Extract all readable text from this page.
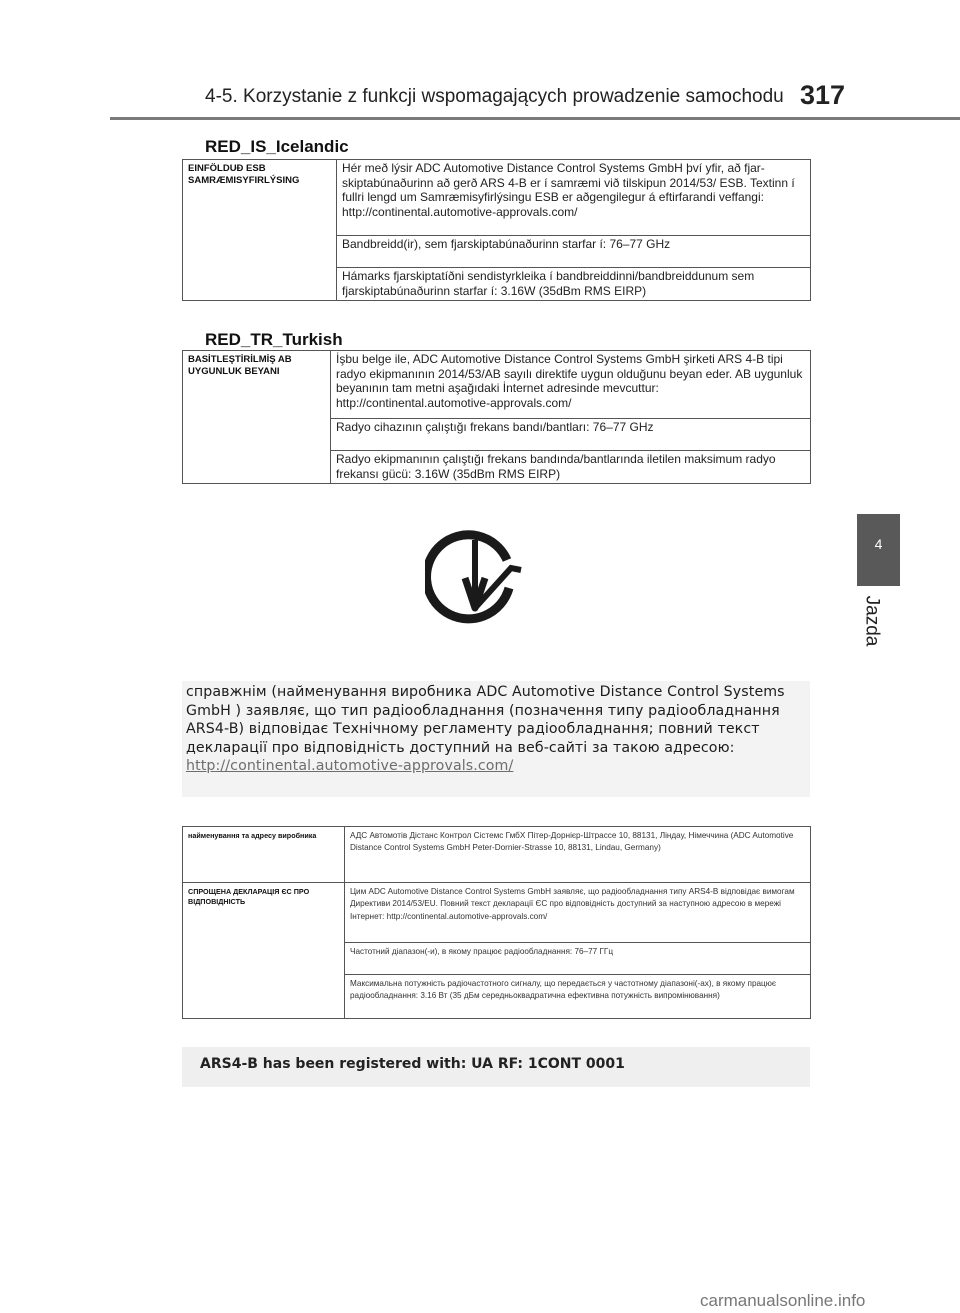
4-5. Korzystanie z funkcji wspomagających prowadzenie samochodu 317
4
Jazda
RED_IS_Icelandic
EINFÖLDUÐ ESB SAMRÆMISYFIRLÝSING	Hér með lýsir ADC Automotive Distance Control Systems GmbH því yfir, að fjar-skiptabúnaðurinn að gerð ARS 4-B er í samræmi við tilskipun 2014/53/ ESB. Textinn í fullri lengd um Samræmisyfirlýsingu ESB er aðgengilegur á eftirfarandi veffangi: http://continental.automotive-approvals.com/
Bandbreidd(ir), sem fjarskiptabúnaðurinn starfar í: 76–77 GHz
Hámarks fjarskiptatíðni sendistyrkleika í bandbreiddinni/bandbreiddunum sem fjarskiptabúnaðurinn starfar í: 3.16W (35dBm RMS EIRP)
RED_TR_Turkish
BASİTLEŞTİRİLMİŞ AB UYGUNLUK BEYANI	İşbu belge ile, ADC Automotive Distance Control Systems GmbH şirketi ARS 4-B tipi radyo ekipmanının 2014/53/AB sayılı direktife uygun olduğunu beyan eder. AB uygunluk beyanının tam metni aşağıdaki İnternet adresinde mevcuttur: http://continental.automotive-approvals.com/
Radyo cihazının çalıştığı frekans bandı/bantları: 76–77 GHz
Radyo ekipmanının çalıştığı frekans bandında/bantlarında iletilen maksimum radyo frekansı gücü: 3.16W (35dBm RMS EIRP)
справжнім (найменування виробника ADC Automotive Distance Control Systems GmbH ) заявляє, що тип радіообладнання (позначення типу радіообладнання ARS4-B) відповідає Технічному регламенту радіообладнання; повний текст декларації про відповідність доступний на веб-сайті за такою адресою: http://continental.automotive-approvals.com/
найменування та адресу виробника	АДС Автомотів Дістанс Контрол Сістемс ГмбХ Пітер-Дорнієр-Штрассе 10, 88131, Ліндау, Німеччина (ADC Automotive Distance Control Systems GmbH Peter-Dornier-Strasse 10, 88131, Lindau, Germany)
СПРОЩЕНА ДЕКЛАРАЦІЯ ЄС ПРО ВІДПОВІДНІСТЬ	Цим ADC Automotive Distance Control Systems GmbH заявляє, що радіообладнання типу ARS4-B відповідає вимогам Директиви 2014/53/EU. Повний текст декларації ЄС про відповідність доступний за наступною адресою в мережі Інтернет: http://continental.automotive-approvals.com/
	Частотний діапазон(-и), в якому працює радіообладнання: 76–77 ГГц
	Максимальна потужність радіочастотного сигналу, що передається у частотному діапазоні(-ах), в якому працює радіообладнання: 3.16 Вт (35 дБм середньоквадратична ефективна потужність випромінювання)
ARS4-B has been registered with: UA RF: 1CONT 0001
carmanualsonline.info
